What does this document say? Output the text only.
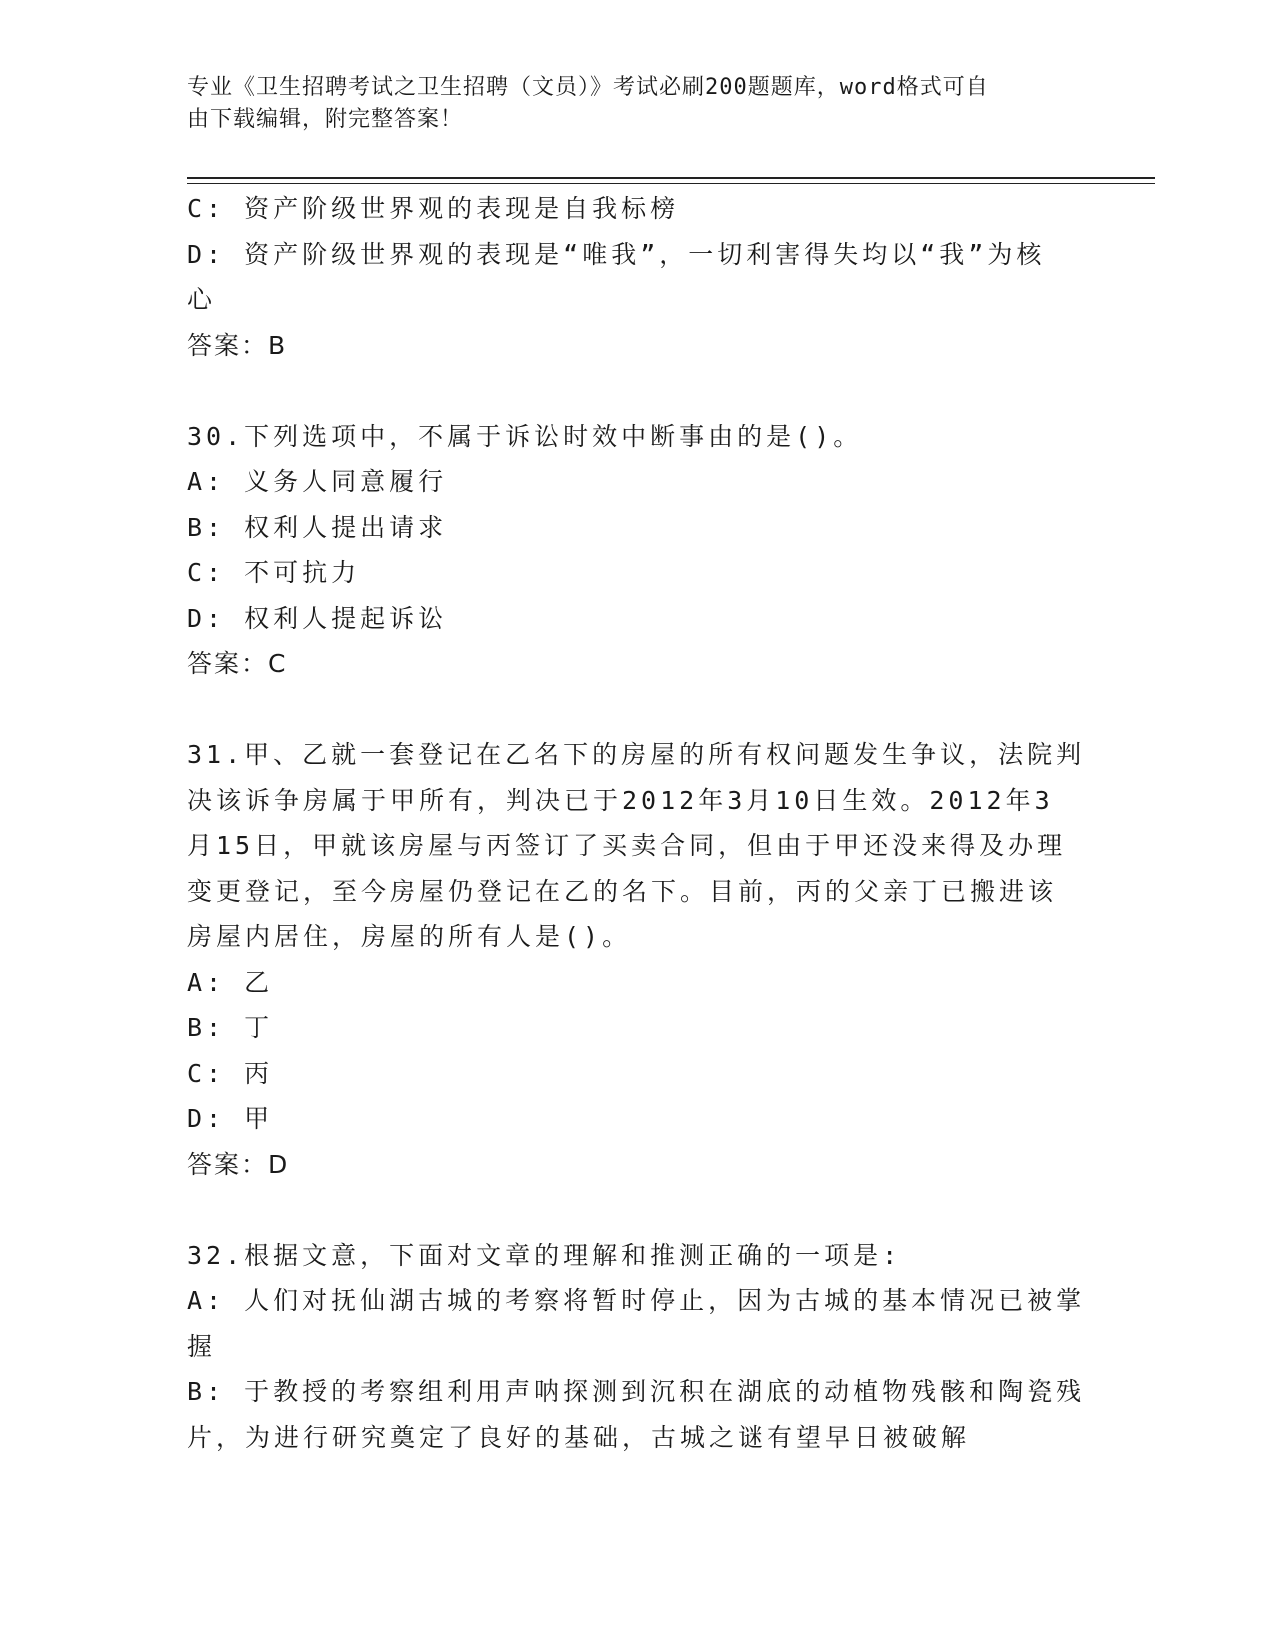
专业《卫生招聘考试之卫生招聘（文员）》考试必刷200题题库，word格式可自
由下载编辑，附完整答案！
C: 资产阶级世界观的表现是自我标榜
D: 资产阶级世界观的表现是“唯我”，一切利害得失均以“我”为核
心
答案：B
30.下列选项中，不属于诉讼时效中断事由的是()。
A: 义务人同意履行
B: 权利人提出请求
C: 不可抗力
D: 权利人提起诉讼
答案：C
31.甲、乙就一套登记在乙名下的房屋的所有权问题发生争议，法院判
决该诉争房属于甲所有，判决已于2012年3月10日生效。2012年3
月15日，甲就该房屋与丙签订了买卖合同，但由于甲还没来得及办理
变更登记，至今房屋仍登记在乙的名下。目前，丙的父亲丁已搬进该
房屋内居住，房屋的所有人是()。
A: 乙
B: 丁
C: 丙
D: 甲
答案：D
32.根据文意，下面对文章的理解和推测正确的一项是:
A: 人们对抚仙湖古城的考察将暂时停止，因为古城的基本情况已被掌
握
B: 于教授的考察组利用声呐探测到沉积在湖底的动植物残骸和陶瓷残
片，为进行研究奠定了良好的基础，古城之谜有望早日被破解
